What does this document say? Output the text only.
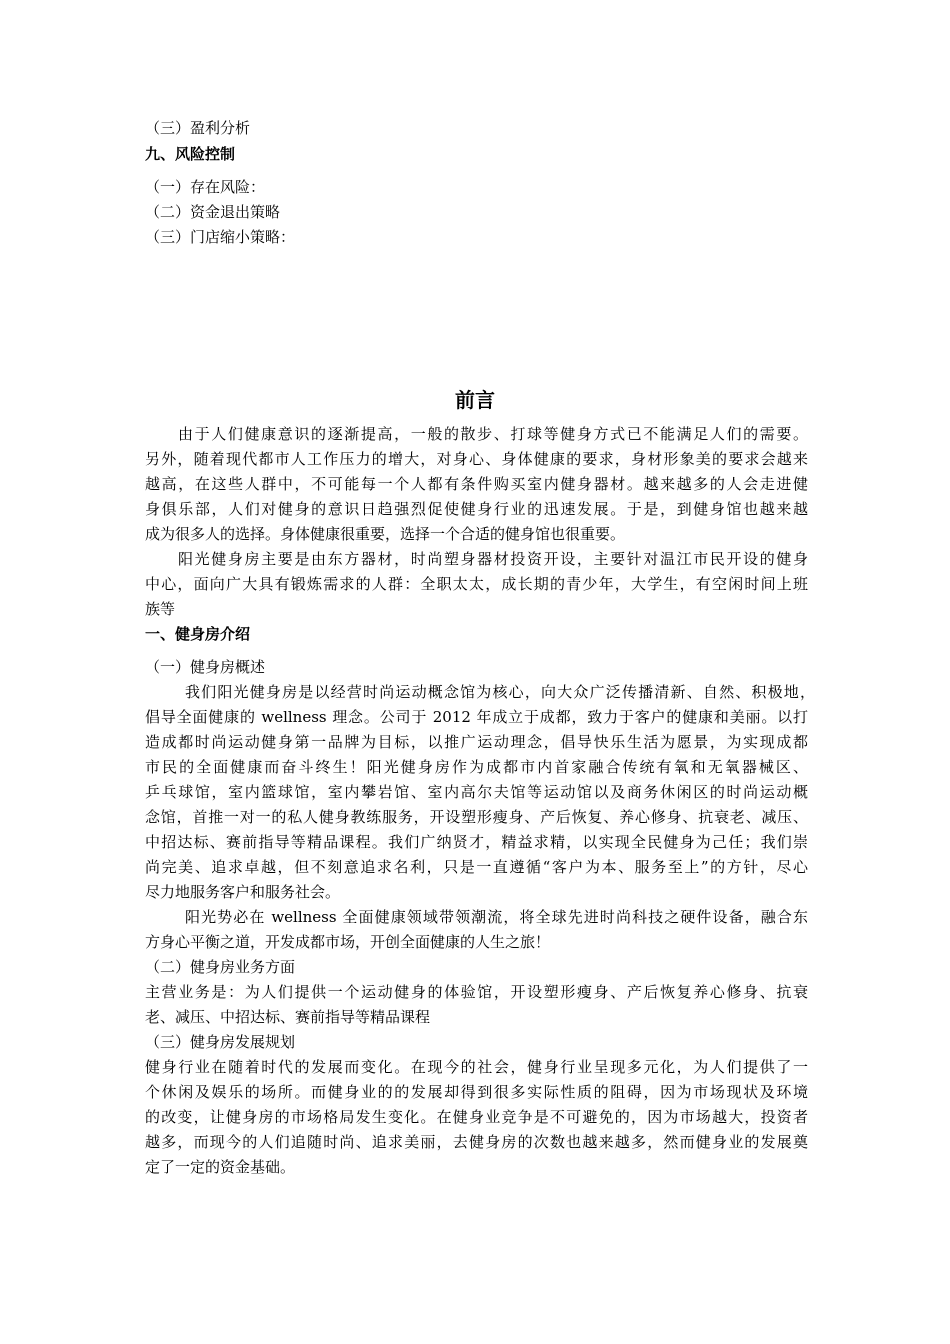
（三）盈利分析
九、风险控制
（一）存在风险：
（二）资金退出策略
（三）门店缩小策略：
前言
由于人们健康意识的逐渐提高，一般的散步、打球等健身方式已不能满足人们的需要。
另外，随着现代都市人工作压力的增大，对身心、身体健康的要求，身材形象美的要求会越来
越高，在这些人群中，不可能每一个人都有条件购买室内健身器材。越来越多的人会走进健
身俱乐部，人们对健身的意识日趋强烈促使健身行业的迅速发展。于是，到健身馆也越来越
成为很多人的选择。身体健康很重要，选择一个合适的健身馆也很重要。
阳光健身房主要是由东方器材，时尚塑身器材投资开设，主要针对温江市民开设的健身
中心，面向广大具有锻炼需求的人群：全职太太，成长期的青少年，大学生，有空闲时间上班
族等
一、健身房介绍
（一）健身房概述
我们阳光健身房是以经营时尚运动概念馆为核心，向大众广泛传播清新、自然、积极地，
倡导全面健康的 wellness 理念。公司于 2012 年成立于成都，致力于客户的健康和美丽。以打
造成都时尚运动健身第一品牌为目标，以推广运动理念，倡导快乐生活为愿景，为实现成都
市民的全面健康而奋斗终生！阳光健身房作为成都市内首家融合传统有氧和无氧器械区、
乒乓球馆，室内篮球馆，室内攀岩馆、室内高尔夫馆等运动馆以及商务休闲区的时尚运动概
念馆，首推一对一的私人健身教练服务，开设塑形瘦身、产后恢复、养心修身、抗衰老、减压、
中招达标、赛前指导等精品课程。我们广纳贤才，精益求精，以实现全民健身为己任；我们崇
尚完美、追求卓越，但不刻意追求名利，只是一直遵循“客户为本、服务至上”的方针，尽心
尽力地服务客户和服务社会。
阳光势必在 wellness 全面健康领域带领潮流，将全球先进时尚科技之硬件设备，融合东
方身心平衡之道，开发成都市场，开创全面健康的人生之旅！
（二）健身房业务方面
主营业务是：为人们提供一个运动健身的体验馆，开设塑形瘦身、产后恢复养心修身、抗衰
老、减压、中招达标、赛前指导等精品课程
（三）健身房发展规划
健身行业在随着时代的发展而变化。在现今的社会，健身行业呈现多元化，为人们提供了一
个休闲及娱乐的场所。而健身业的的发展却得到很多实际性质的阻碍，因为市场现状及环境
的改变，让健身房的市场格局发生变化。在健身业竞争是不可避免的，因为市场越大，投资者
越多，而现今的人们追随时尚、追求美丽，去健身房的次数也越来越多，然而健身业的发展奠
定了一定的资金基础。
